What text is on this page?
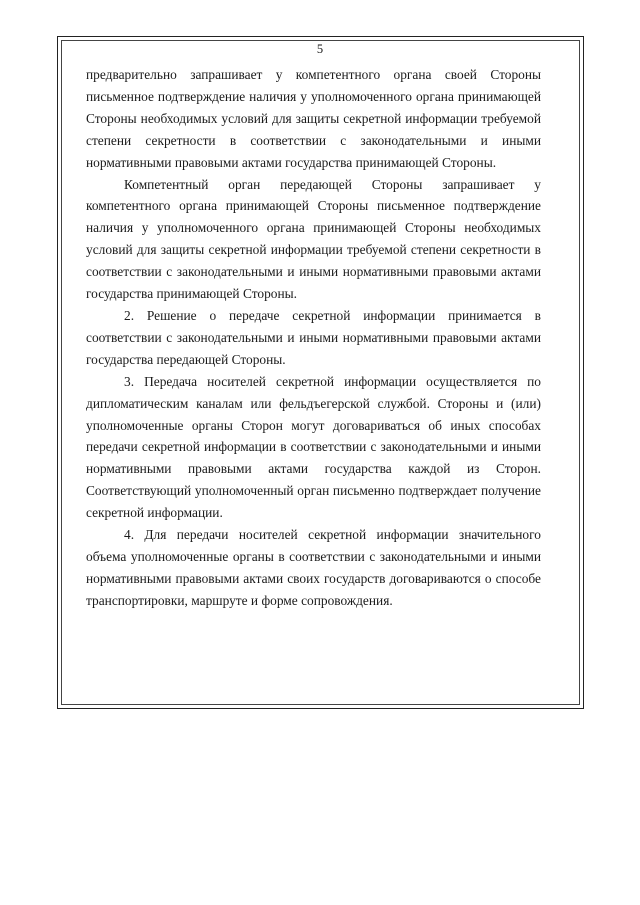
5

предварительно запрашивает у компетентного органа своей Стороны письменное подтверждение наличия у уполномоченного органа принимающей Стороны необходимых условий для защиты секретной информации требуемой степени секретности в соответствии с законодательными и иными нормативными правовыми актами государства принимающей Стороны.

Компетентный орган передающей Стороны запрашивает у компетентного органа принимающей Стороны письменное подтверждение наличия у уполномоченного органа принимающей Стороны необходимых условий для защиты секретной информации требуемой степени секретности в соответствии с законодательными и иными нормативными правовыми актами государства принимающей Стороны.

2. Решение о передаче секретной информации принимается в соответствии с законодательными и иными нормативными правовыми актами государства передающей Стороны.

3. Передача носителей секретной информации осуществляется по дипломатическим каналам или фельдъегерской службой. Стороны и (или) уполномоченные органы Сторон могут договариваться об иных способах передачи секретной информации в соответствии с законодательными и иными нормативными правовыми актами государства каждой из Сторон. Соответствующий уполномоченный орган письменно подтверждает получение секретной информации.

4. Для передачи носителей секретной информации значительного объема уполномоченные органы в соответствии с законодательными и иными нормативными правовыми актами своих государств договариваются о способе транспортировки, маршруте и форме сопровождения.
